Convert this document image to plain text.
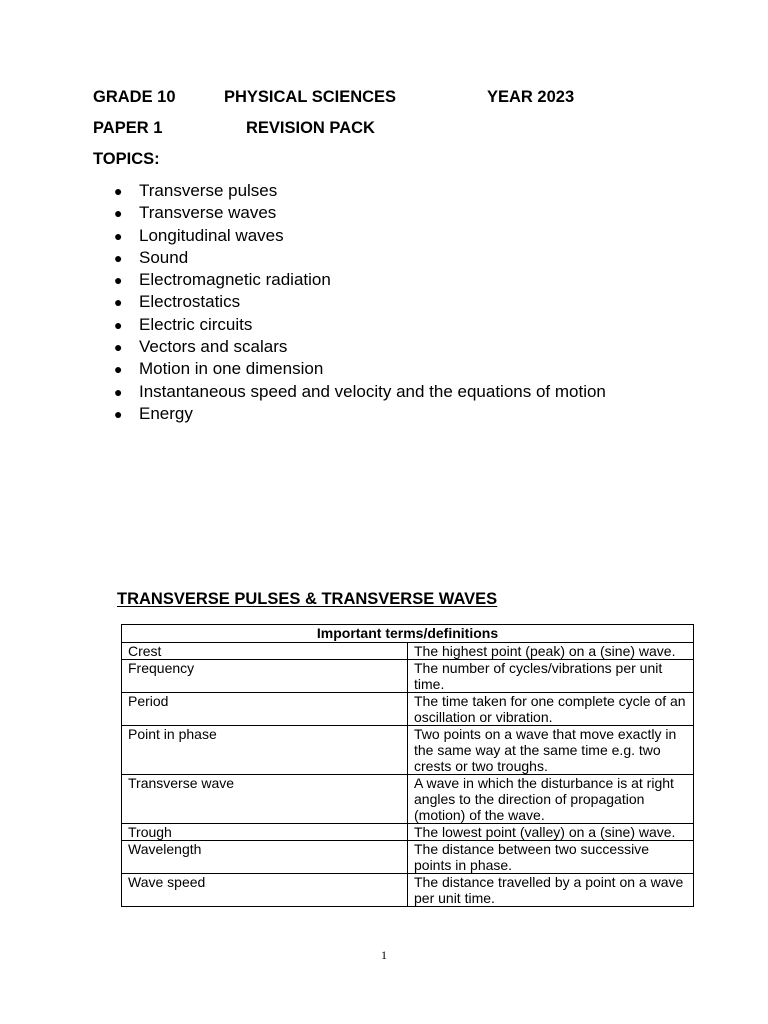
GRADE 10	PHYSICAL SCIENCES	YEAR 2023
PAPER 1	REVISION PACK
TOPICS:
● Transverse pulses
● Transverse waves
● Longitudinal waves
● Sound
● Electromagnetic radiation
● Electrostatics
● Electric circuits
● Vectors and scalars
● Motion in one dimension
● Instantaneous speed and velocity and the equations of motion
● Energy
TRANSVERSE PULSES & TRANSVERSE WAVES
Important terms/definitions	
Crest	The highest point (peak) on a (sine) wave.
Frequency	The number of cycles/vibrations per unit time.
Period	The time taken for one complete cycle of an oscillation or vibration.
Point in phase	Two points on a wave that move exactly in the same way at the same time e.g. two crests or two troughs.
Transverse wave	A wave in which the disturbance is at right angles to the direction of propagation (motion) of the wave.
Trough	The lowest point (valley) on a (sine) wave.
Wavelength	The distance between two successive points in phase.
Wave speed	The distance travelled by a point on a wave per unit time.
1
